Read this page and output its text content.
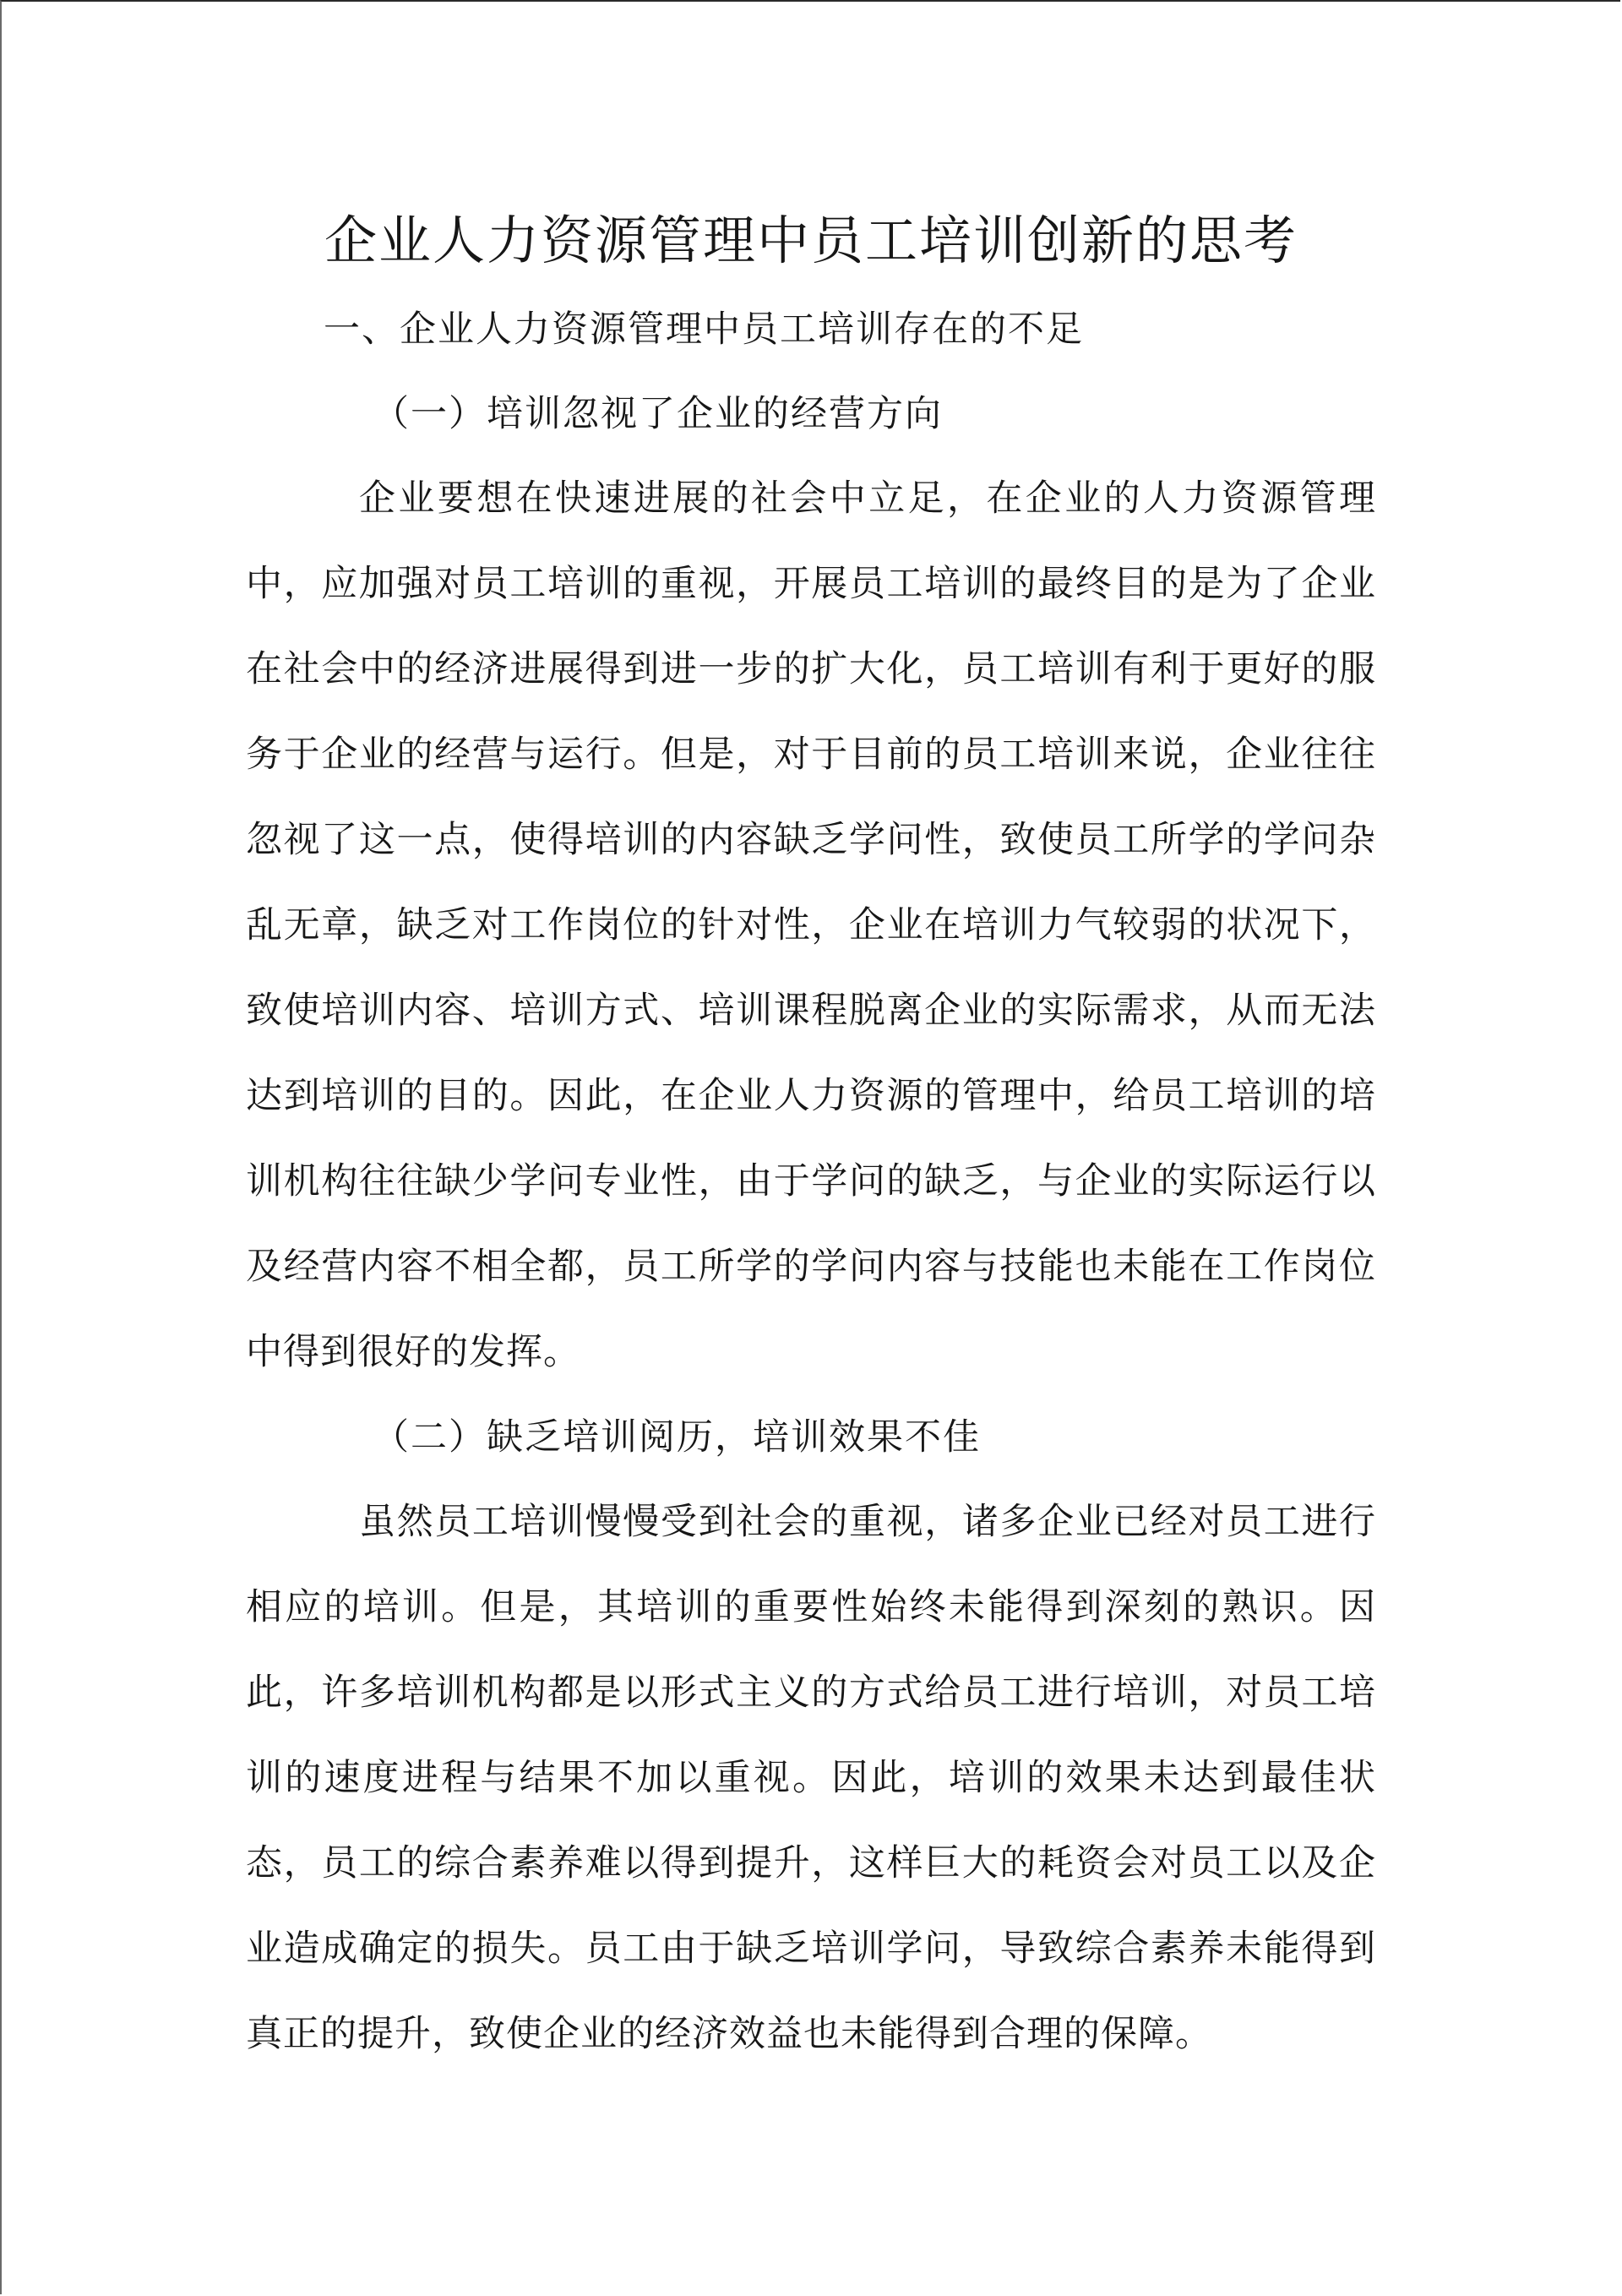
企业人力资源管理中员工培训创新的思考

一、企业人力资源管理中员工培训存在的不足

（一）培训忽视了企业的经营方向

企业要想在快速进展的社会中立足，在企业的人力资源管理中，应加强对员工培训的重视，开展员工培训的最终目的是为了企业在社会中的经济进展得到进一步的扩大化，员工培训有利于更好的服务于企业的经营与运行。但是，对于目前的员工培训来说，企业往往忽视了这一点，使得培训的内容缺乏学问性，致使员工所学的学问杂乱无章，缺乏对工作岗位的针对性，企业在培训力气较弱的状况下，致使培训内容、培训方式、培训课程脱离企业的实际需求，从而无法达到培训的目的。因此，在企业人力资源的管理中，给员工培训的培训机构往往缺少学问专业性，由于学问的缺乏，与企业的实际运行以及经营内容不相全都，员工所学的学问内容与技能也未能在工作岗位中得到很好的发挥。

（二）缺乏培训阅历，培训效果不佳

虽然员工培训慢慢受到社会的重视，诸多企业已经对员工进行相应的培训。但是，其培训的重要性始终未能得到深刻的熟识。因此，许多培训机构都是以形式主义的方式给员工进行培训，对员工培训的速度进程与结果不加以重视。因此，培训的效果未达到最佳状态，员工的综合素养难以得到提升，这样巨大的耗资会对员工以及企业造成确定的损失。员工由于缺乏培训学问，导致综合素养未能得到真正的提升，致使企业的经济效益也未能得到合理的保障。
